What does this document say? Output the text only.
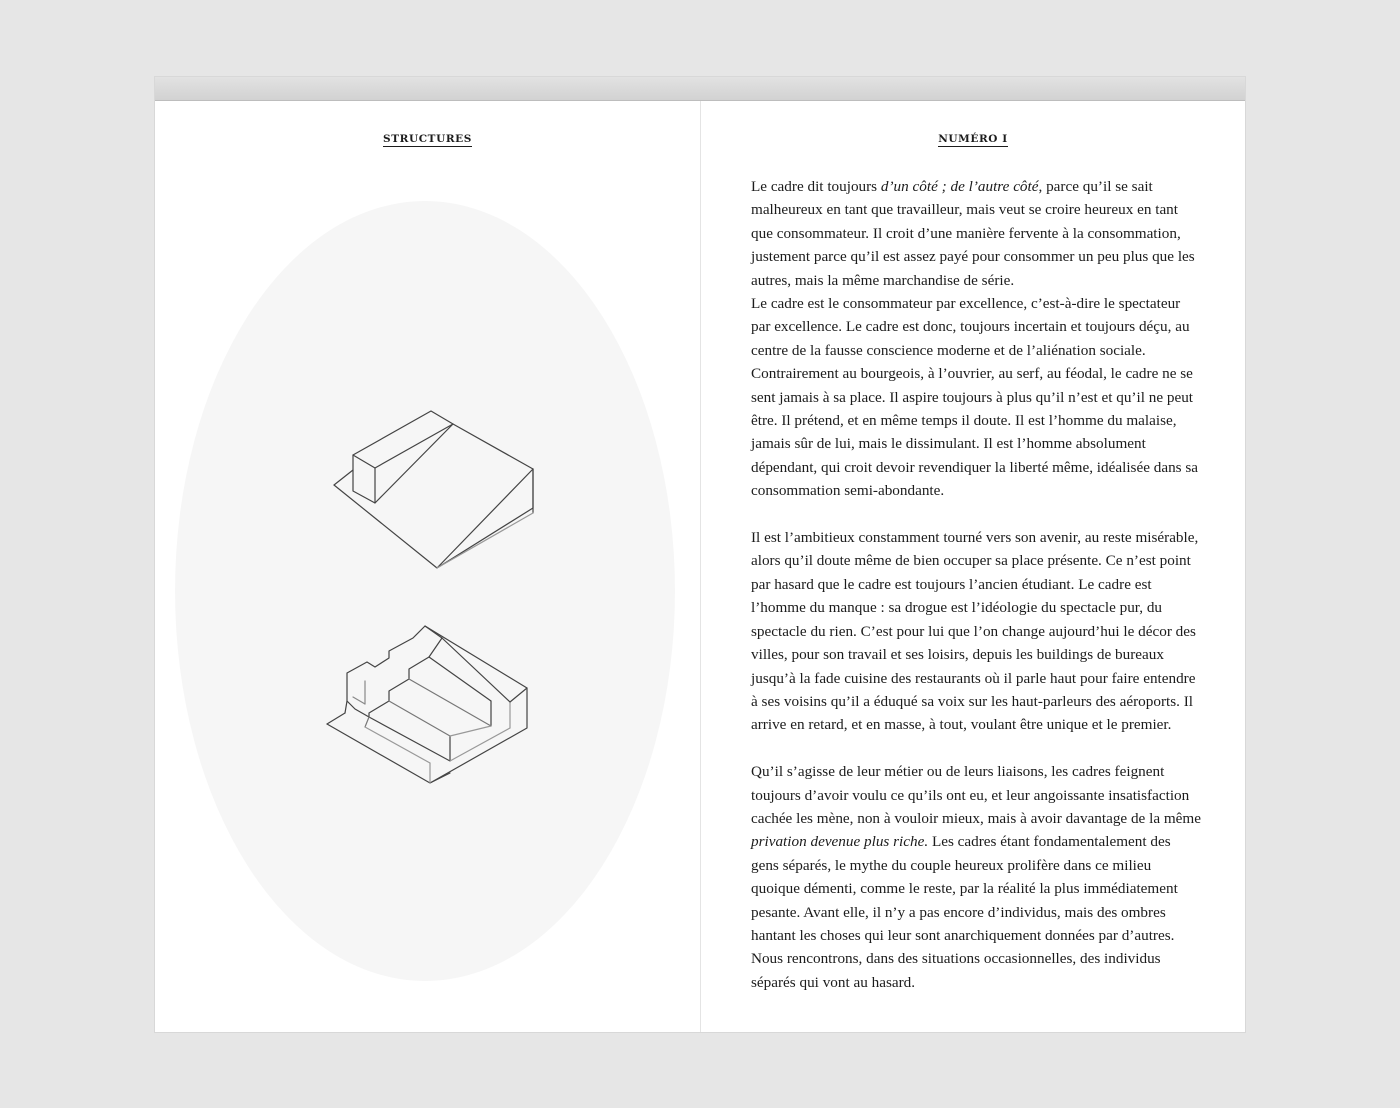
STRUCTURES	NUMÉRO I

Le cadre dit toujours d’un côté ; de l’autre côté, parce qu’il se sait malheureux en tant que travailleur, mais veut se croire heureux en tant que consommateur. Il croit d’une manière fervente à la consommation, justement parce qu’il est assez payé pour consommer un peu plus que les autres, mais la même marchandise de série.

Le cadre est le consommateur par excellence, c’est-à-dire le spectateur par excellence. Le cadre est donc, toujours incertain et toujours déçu, au centre de la fausse conscience moderne et de l’aliénation sociale. Contrairement au bourgeois, à l’ouvrier, au serf, au féodal, le cadre ne se sent jamais à sa place. Il aspire toujours à plus qu’il n’est et qu’il ne peut être. Il prétend, et en même temps il doute. Il est l’homme du malaise, jamais sûr de lui, mais le dissimulant. Il est l’homme absolument dépendant, qui croit devoir revendiquer la liberté même, idéalisée dans sa consommation semi-abondante.

Il est l’ambitieux constamment tourné vers son avenir, au reste misérable, alors qu’il doute même de bien occuper sa place présente. Ce n’est point par hasard que le cadre est toujours l’ancien étudiant. Le cadre est l’homme du manque : sa drogue est l’idéologie du spectacle pur, du spectacle du rien. C’est pour lui que l’on change aujourd’hui le décor des villes, pour son travail et ses loisirs, depuis les buildings de bureaux jusqu’à la fade cuisine des restaurants où il parle haut pour faire entendre à ses voisins qu’il a éduqué sa voix sur les haut-parleurs des aéroports. Il arrive en retard, et en masse, à tout, voulant être unique et le premier.

Qu’il s’agisse de leur métier ou de leurs liaisons, les cadres feignent toujours d’avoir voulu ce qu’ils ont eu, et leur angoissante insatisfaction cachée les mène, non à vouloir mieux, mais à avoir davantage de la même privation devenue plus riche. Les cadres étant fondamentalement des gens séparés, le mythe du couple heureux prolifère dans ce milieu quoique démenti, comme le reste, par la réalité la plus immédiatement pesante. Avant elle, il n’y a pas encore d’individus, mais des ombres hantant les choses qui leur sont anarchiquement données par d’autres. Nous rencontrons, dans des situations occasionnelles, des individus séparés qui vont au hasard.
